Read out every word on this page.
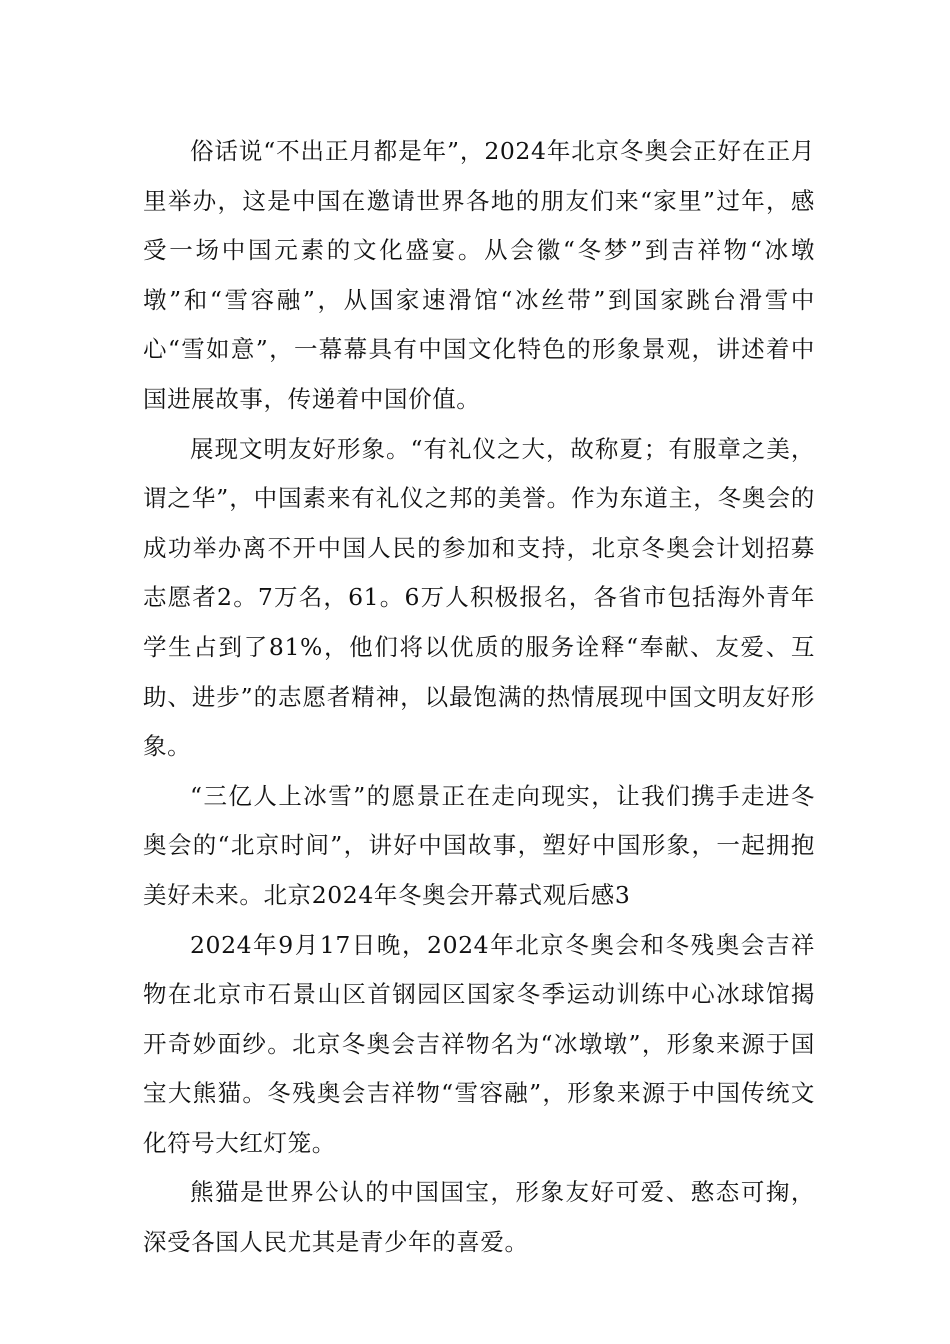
俗话说“不出正月都是年”，2024年北京冬奥会正好在正月里举办，这是中国在邀请世界各地的朋友们来“家里”过年，感受一场中国元素的文化盛宴。从会徽“冬梦”到吉祥物“冰墩墩”和“雪容融”，从国家速滑馆“冰丝带”到国家跳台滑雪中心“雪如意”，一幕幕具有中国文化特色的形象景观，讲述着中国进展故事，传递着中国价值。

展现文明友好形象。“有礼仪之大，故称夏；有服章之美，谓之华”，中国素来有礼仪之邦的美誉。作为东道主，冬奥会的成功举办离不开中国人民的参加和支持，北京冬奥会计划招募志愿者2。7万名，61。6万人积极报名，各省市包括海外青年学生占到了81%，他们将以优质的服务诠释“奉献、友爱、互助、进步”的志愿者精神，以最饱满的热情展现中国文明友好形象。

“三亿人上冰雪”的愿景正在走向现实，让我们携手走进冬奥会的“北京时间”，讲好中国故事，塑好中国形象，一起拥抱美好未来。北京2024年冬奥会开幕式观后感3

2024年9月17日晚，2024年北京冬奥会和冬残奥会吉祥物在北京市石景山区首钢园区国家冬季运动训练中心冰球馆揭开奇妙面纱。北京冬奥会吉祥物名为“冰墩墩”，形象来源于国宝大熊猫。冬残奥会吉祥物“雪容融”，形象来源于中国传统文化符号大红灯笼。

熊猫是世界公认的中国国宝，形象友好可爱、憨态可掬，深受各国人民尤其是青少年的喜爱。
